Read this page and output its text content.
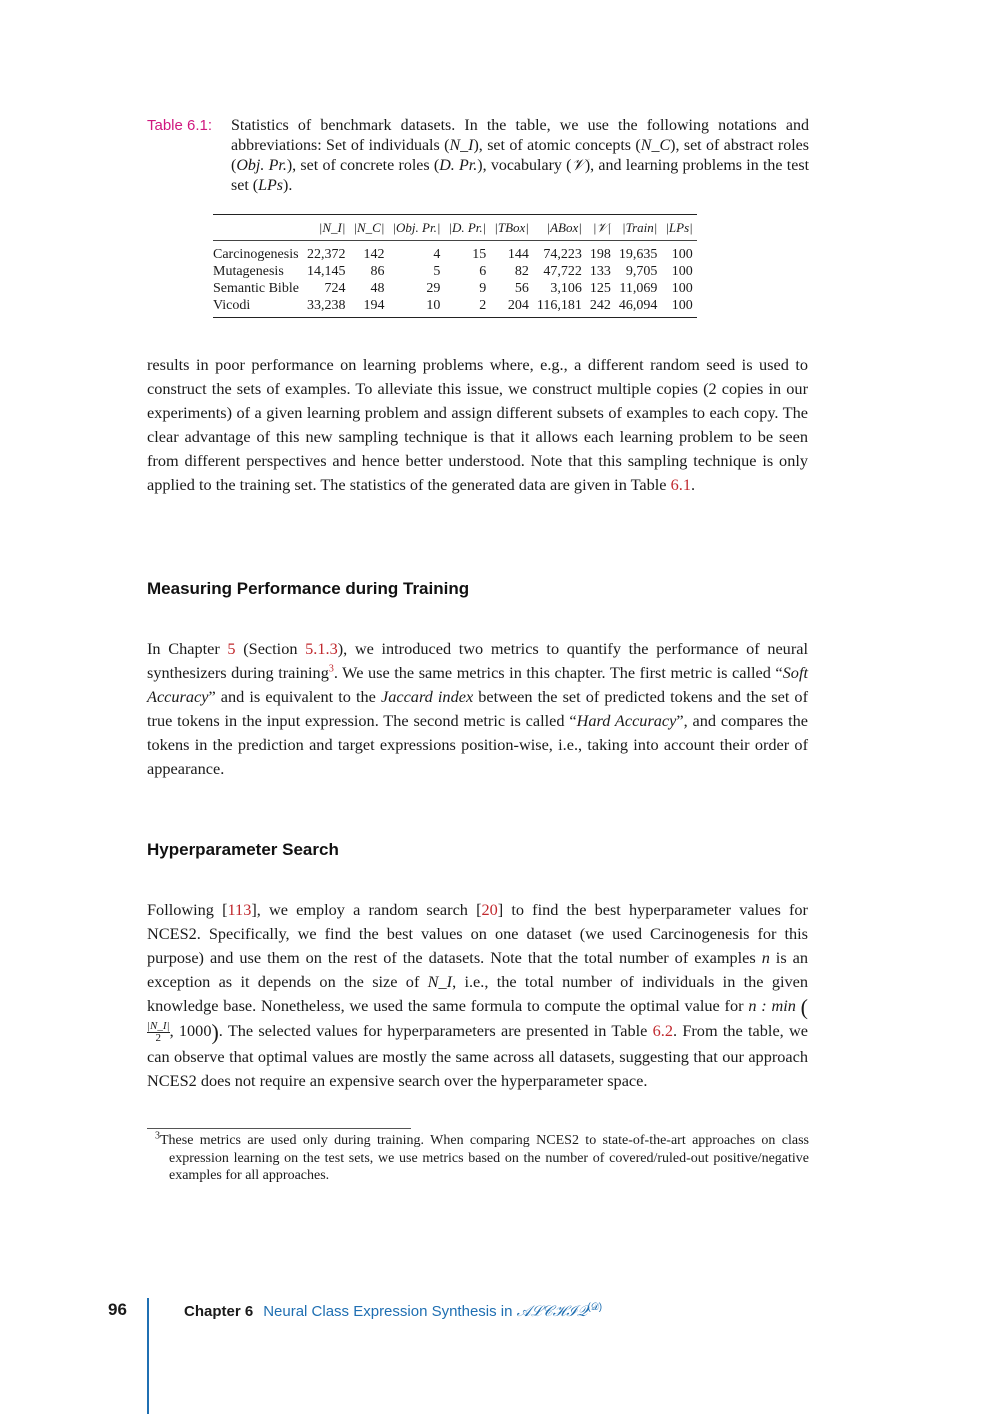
Table 6.1:	Statistics of benchmark datasets. In the table, we use the following notations and abbreviations: Set of individuals (N_I), set of atomic concepts (N_C), set of abstract roles (Obj. Pr.), set of concrete roles (D. Pr.), vocabulary (𝒱), and learning problems in the test set (LPs).
	|N_I|	|N_C|	|Obj. Pr.|	|D. Pr.|	|TBox|	|ABox|	|𝒱|	|Train|	|LPs|
Carcinogenesis	22,372	142	4	15	144	74,223	198	19,635	100
Mutagenesis	14,145	86	5	6	82	47,722	133	9,705	100
Semantic Bible	724	48	29	9	56	3,106	125	11,069	100
Vicodi	33,238	194	10	2	204	116,181	242	46,094	100
results in poor performance on learning problems where, e.g., a different random seed is used to construct the sets of examples. To alleviate this issue, we construct multiple copies (2 copies in our experiments) of a given learning problem and assign different subsets of examples to each copy. The clear advantage of this new sampling technique is that it allows each learning problem to be seen from different perspectives and hence better understood. Note that this sampling technique is only applied to the training set. The statistics of the generated data are given in Table 6.1.
Measuring Performance during Training
In Chapter 5 (Section 5.1.3), we introduced two metrics to quantify the performance of neural synthesizers during training$^3$. We use the same metrics in this chapter. The first metric is called “Soft Accuracy” and is equivalent to the Jaccard index between the set of predicted tokens and the set of true tokens in the input expression. The second metric is called “Hard Accuracy”, and compares the tokens in the prediction and target expressions position-wise, i.e., taking into account their order of appearance.
Hyperparameter Search
Following [113], we employ a random search [20] to find the best hyperparameter values for NCES2. Specifically, we find the best values on one dataset (we used Carcinogenesis for this purpose) and use them on the rest of the datasets. Note that the total number of examples n is an exception as it depends on the size of N_I, i.e., the total number of individuals in the given knowledge base. Nonetheless, we used the same formula to compute the optimal value for n : min (
$\frac{|N\_I|}{2}$ , 1000). The selected values for hyperparameters are presented in Table 6.2. From the table, we can observe that optimal values are mostly the same across all datasets, suggesting that our approach NCES2 does not require an expensive search over the hyperparameter space.
$^3$These metrics are used only during training. When comparing NCES2 to state-of-the-art approaches on class expression learning on the test sets, we use metrics based on the number of covered/ruled-out positive/negative examples for all approaches.
96	Chapter 6 Neural Class Expression Synthesis in 𝒜ℒ𝒞ℋℐ𝒬$^{(𝒟)}$
